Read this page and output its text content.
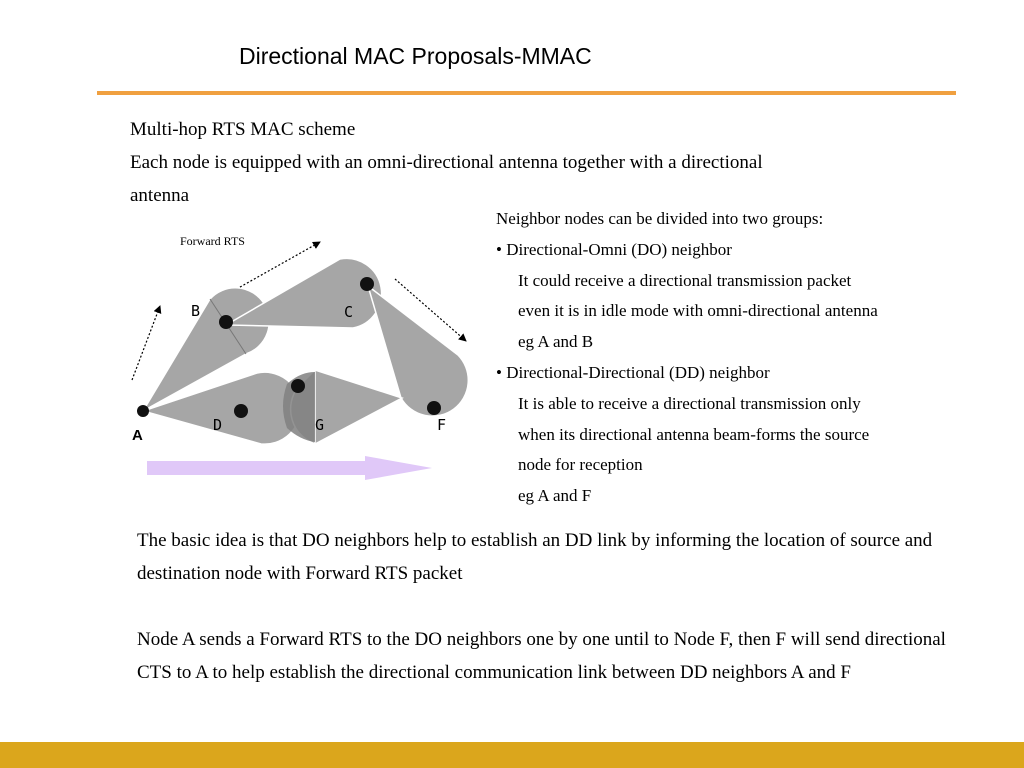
Directional MAC Proposals-MMAC
Multi-hop RTS MAC scheme
Each node is equipped with an omni-directional antenna together with a directional
antenna
Neighbor nodes can be divided into two groups:
• Directional-Omni (DO) neighbor
It could receive a directional transmission packet
even it is in idle mode with omni-directional antenna
eg A and B
• Directional-Directional (DD) neighbor
It is able to receive a directional transmission only
when its directional antenna beam-forms the source
node for reception
eg A and F
Forward RTS
A
B	C
D	G	F

The basic idea is that DO neighbors help to establish an DD link by informing the location of source and destination node with Forward RTS packet

Node A sends a Forward RTS to the DO neighbors one by one until to Node F, then F will send directional CTS to A to help establish the directional communication link between DD neighbors A and F
